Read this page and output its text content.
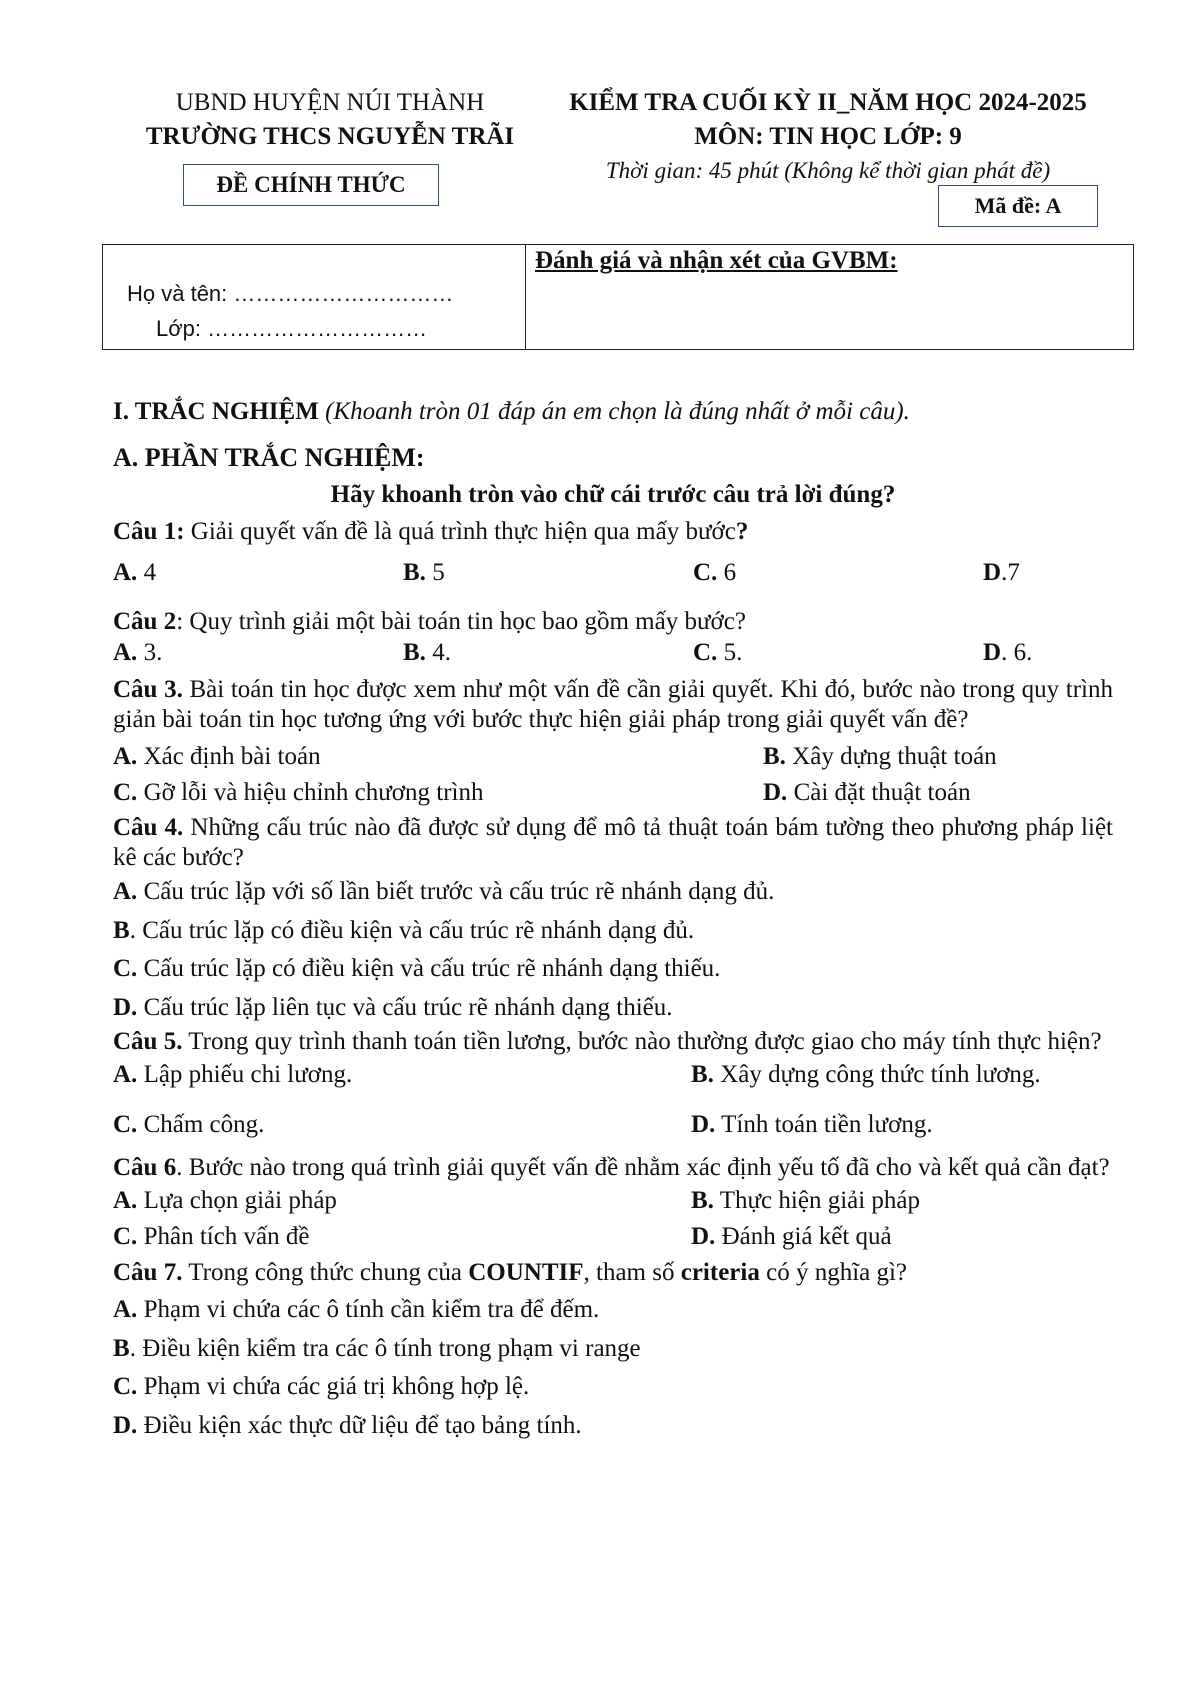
UBND HUYỆN NÚI THÀNH
TRƯỜNG THCS NGUYỄN TRÃI
ĐỀ CHÍNH THỨC
KIỂM TRA CUỐI KỲ II_NĂM HỌC 2024-2025
MÔN: TIN HỌC LỚP: 9
Thời gian: 45 phút (Không kể thời gian phát đề)
Mã đề: A
Họ và tên: …………………………
Lớp: …………………………
Đánh giá và nhận xét của GVBM:
I. TRẮC NGHIỆM (Khoanh tròn 01 đáp án em chọn là đúng nhất ở mỗi câu).
A. PHẦN TRẮC NGHIỆM:
Hãy khoanh tròn vào chữ cái trước câu trả lời đúng?
Câu 1: Giải quyết vấn đề là quá trình thực hiện qua mấy bước?
A. 4	B. 5	C. 6	D.7
Câu 2: Quy trình giải một bài toán tin học bao gồm mấy bước?
A. 3.	B. 4.	C. 5.	D. 6.
Câu 3. Bài toán tin học được xem như một vấn đề cần giải quyết. Khi đó, bước nào trong quy trình giản bài toán tin học tương ứng với bước thực hiện giải pháp trong giải quyết vấn đề?
A. Xác định bài toán	B. Xây dựng thuật toán
C. Gỡ lỗi và hiệu chỉnh chương trình	D. Cài đặt thuật toán
Câu 4. Những cấu trúc nào đã được sử dụng để mô tả thuật toán bám tường theo phương pháp liệt kê các bước?
A. Cấu trúc lặp với số lần biết trước và cấu trúc rẽ nhánh dạng đủ.
B. Cấu trúc lặp có điều kiện và cấu trúc rẽ nhánh dạng đủ.
C. Cấu trúc lặp có điều kiện và cấu trúc rẽ nhánh dạng thiếu.
D. Cấu trúc lặp liên tục và cấu trúc rẽ nhánh dạng thiếu.
Câu 5. Trong quy trình thanh toán tiền lương, bước nào thường được giao cho máy tính thực hiện?
A. Lập phiếu chi lương.	B. Xây dựng công thức tính lương.
C. Chấm công.	D. Tính toán tiền lương.
Câu 6. Bước nào trong quá trình giải quyết vấn đề nhằm xác định yếu tố đã cho và kết quả cần đạt?
A. Lựa chọn giải pháp	B. Thực hiện giải pháp
C. Phân tích vấn đề	D. Đánh giá kết quả
Câu 7. Trong công thức chung của COUNTIF, tham số criteria có ý nghĩa gì?
A. Phạm vi chứa các ô tính cần kiểm tra để đếm.
B. Điều kiện kiểm tra các ô tính trong phạm vi range
C. Phạm vi chứa các giá trị không hợp lệ.
D. Điều kiện xác thực dữ liệu để tạo bảng tính.
